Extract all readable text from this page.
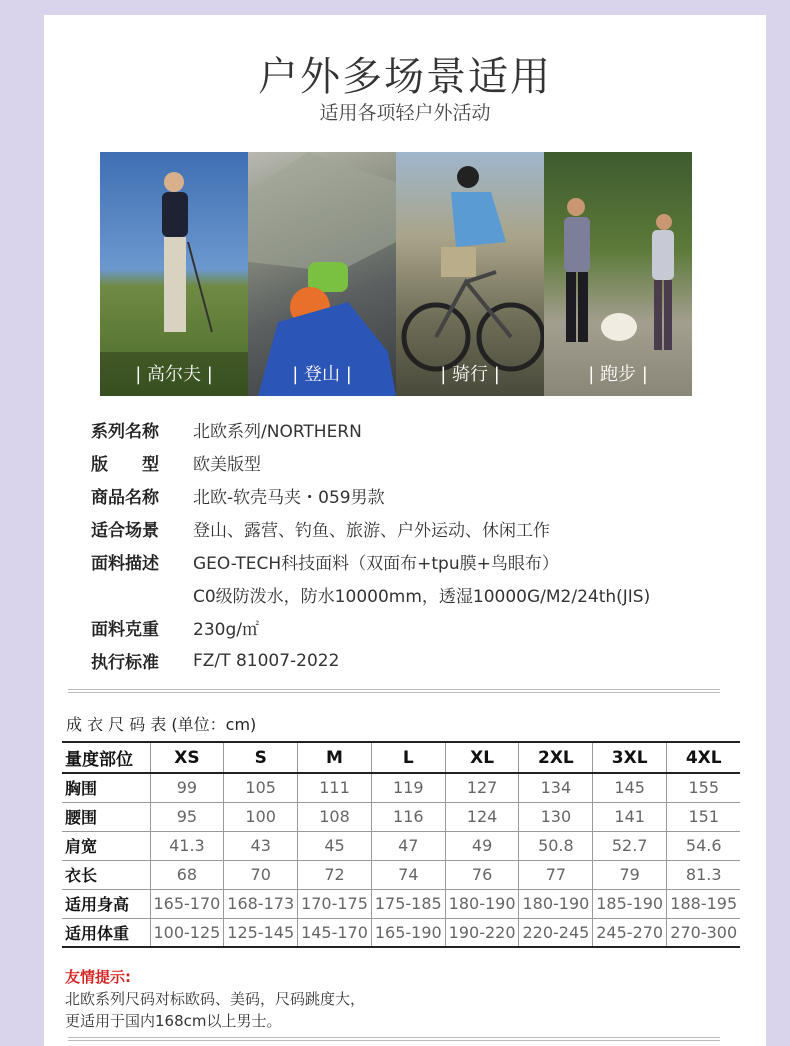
户外多场景适用
适用各项轻户外活动
| 高尔夫 |	| 登山 |	| 骑行 |	| 跑步 |
系列名称	北欧系列/NORTHERN
版　　型	欧美版型
商品名称	北欧-软壳马夹・059男款
适合场景	登山、露营、钓鱼、旅游、户外运动、休闲工作
面料描述	GEO-TECH科技面料（双面布+tpu膜+鸟眼布）
C0级防泼水，防水10000mm，透湿10000G/M2/24th(JIS)
面料克重	230g/㎡
执行标准	FZ/T 81007-2022
成 衣 尺 码 表 (单位：cm)
量度部位	XS	S	M	L	XL	2XL	3XL	4XL
胸围	99	105	111	119	127	134	145	155
腰围	95	100	108	116	124	130	141	151
肩宽	41.3	43	45	47	49	50.8	52.7	54.6
衣长	68	70	72	74	76	77	79	81.3
适用身高	165-170	168-173	170-175	175-185	180-190	180-190	185-190	188-195
适用体重	100-125	125-145	145-170	165-190	190-220	220-245	245-270	270-300
友情提示:
北欧系列尺码对标欧码、美码，尺码跳度大，
更适用于国内168cm以上男士。
